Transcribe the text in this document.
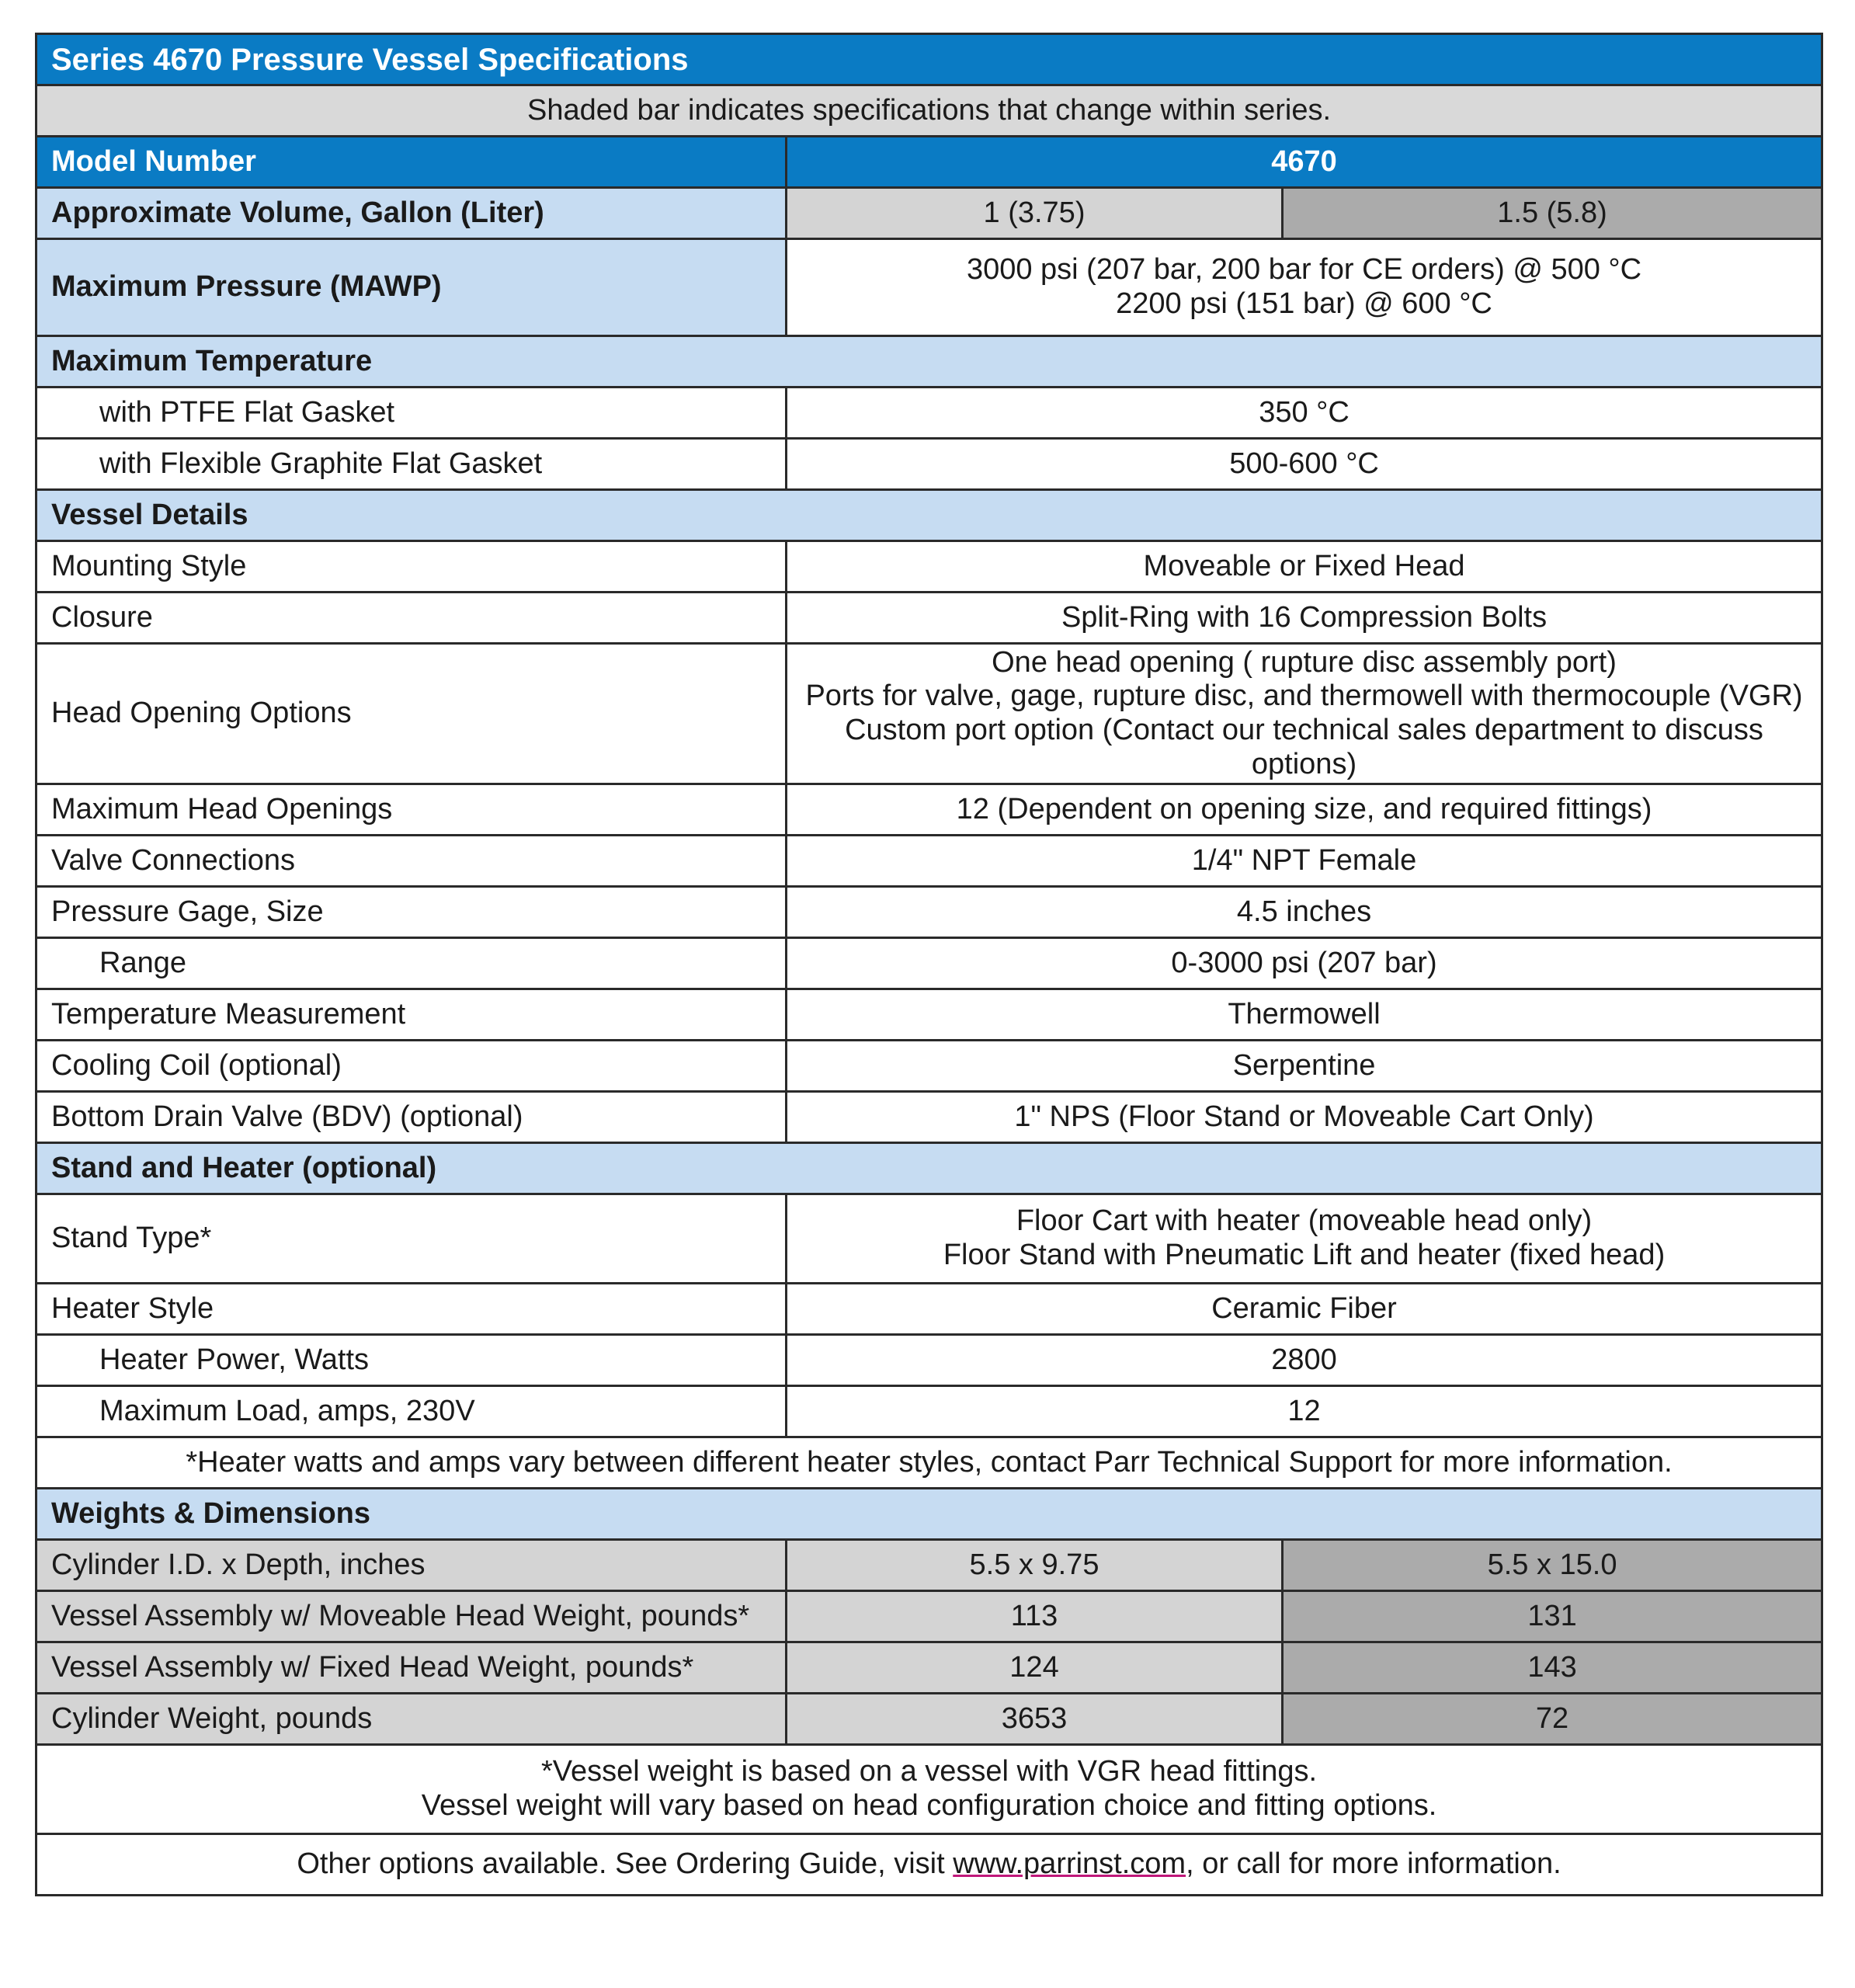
Series 4670 Pressure Vessel Specifications		
Shaded bar indicates specifications that change within series.		
Model Number	4670	
Approximate Volume, Gallon (Liter)	1 (3.75)	1.5 (5.8)
Maximum Pressure (MAWP)	3000 psi (207 bar, 200 bar for CE orders) @ 500 °C
2200 psi (151 bar) @ 600 °C	

Maximum Temperature		
with PTFE Flat Gasket	350 °C	
with Flexible Graphite Flat Gasket	500-600 °C	
Vessel Details		
Mounting Style	Moveable or Fixed Head	
Closure	Split-Ring with 16 Compression Bolts	
Head Opening Options	One head opening ( rupture disc assembly port)
Ports for valve, gage, rupture disc, and thermowell with thermocouple (VGR)
Custom port option (Contact our technical sales department to discuss options)	

Maximum Head Openings	12 (Dependent on opening size, and required fittings)	
Valve Connections	1/4" NPT Female	
Pressure Gage, Size	4.5 inches	
Range	0-3000 psi (207 bar)	
Temperature Measurement	Thermowell	
Cooling Coil (optional)	Serpentine	
Bottom Drain Valve (BDV) (optional)	1" NPS (Floor Stand or Moveable Cart Only)	
Stand and Heater (optional)		
Stand Type*	Floor Cart with heater (moveable head only)
Floor Stand with Pneumatic Lift and heater (fixed head)	

Heater Style	Ceramic Fiber	
Heater Power, Watts	2800	
Maximum Load, amps, 230V	12	
*Heater watts and amps vary between different heater styles, contact Parr Technical Support for more information.		
Weights & Dimensions		
Cylinder I.D. x Depth, inches	5.5 x 9.75	5.5 x 15.0
Vessel Assembly w/ Moveable Head Weight, pounds*	113	131
Vessel Assembly w/ Fixed Head Weight, pounds*	124	143
Cylinder Weight, pounds	3653	72

*Vessel weight is based on a vessel with VGR head fittings.
Vessel weight will vary based on head configuration choice and fitting options.		

Other options available. See Ordering Guide, visit www.parrinst.com, or call for more information.		
